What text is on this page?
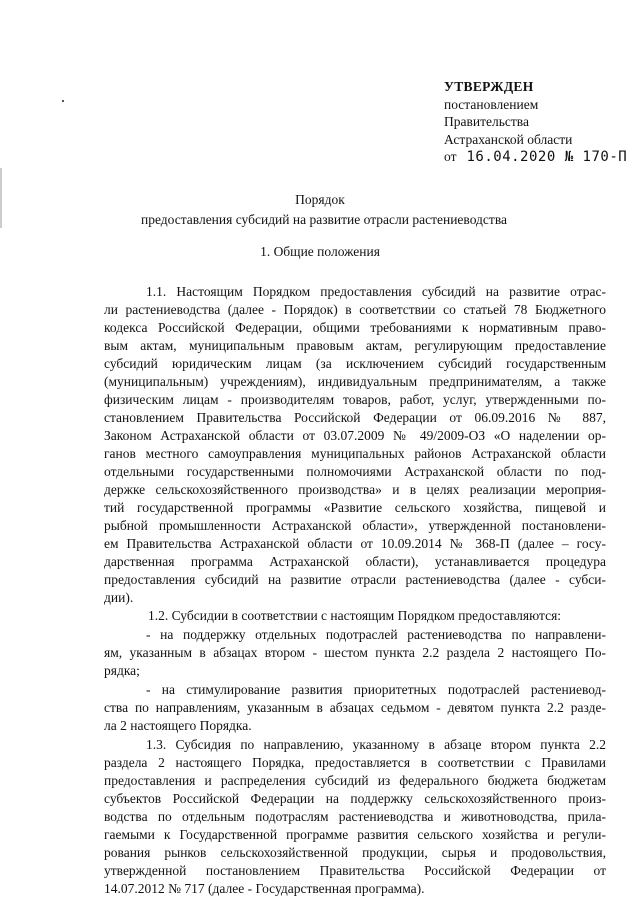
УТВЕРЖДЕН
постановлением
Правительства
Астраханской области
от 16.04.2020 № 170-П
Порядок
предоставления субсидий на развитие отрасли растениеводства
1. Общие положения
1.1. Настоящим Порядком предоставления субсидий на развитие отрас-
ли растениеводства (далее - Порядок) в соответствии со статьей 78 Бюджетного
кодекса Российской Федерации, общими требованиями к нормативным право-
вым актам, муниципальным правовым актам, регулирующим предоставление
субсидий юридическим лицам (за исключением субсидий государственным
(муниципальным) учреждениям), индивидуальным предпринимателям, а также
физическим лицам - производителям товаров, работ, услуг, утвержденными по-
становлением Правительства Российской Федерации от 06.09.2016 № 887,
Законом Астраханской области от 03.07.2009 № 49/2009-ОЗ «О наделении ор-
ганов местного самоуправления муниципальных районов Астраханской области
отдельными государственными полномочиями Астраханской области по под-
держке сельскохозяйственного производства» и в целях реализации мероприя-
тий государственной программы «Развитие сельского хозяйства, пищевой и
рыбной промышленности Астраханской области», утвержденной постановлени-
ем Правительства Астраханской области от 10.09.2014 № 368-П (далее – госу-
дарственная программа Астраханской области), устанавливается процедура
предоставления субсидий на развитие отрасли растениеводства (далее - субси-
дии).
1.2. Субсидии в соответствии с настоящим Порядком предоставляются:
- на поддержку отдельных подотраслей растениеводства по направлени-
ям, указанным в абзацах втором - шестом пункта 2.2 раздела 2 настоящего По-
рядка;
- на стимулирование развития приоритетных подотраслей растениевод-
ства по направлениям, указанным в абзацах седьмом - девятом пункта 2.2 разде-
ла 2 настоящего Порядка.
1.3. Субсидия по направлению, указанному в абзаце втором пункта 2.2
раздела 2 настоящего Порядка, предоставляется в соответствии с Правилами
предоставления и распределения субсидий из федерального бюджета бюджетам
субъектов Российской Федерации на поддержку сельскохозяйственного произ-
водства по отдельным подотраслям растениеводства и животноводства, прила-
гаемыми к Государственной программе развития сельского хозяйства и регули-
рования рынков сельскохозяйственной продукции, сырья и продовольствия,
утвержденной постановлением Правительства Российской Федерации от
14.07.2012 № 717 (далее - Государственная программа).
